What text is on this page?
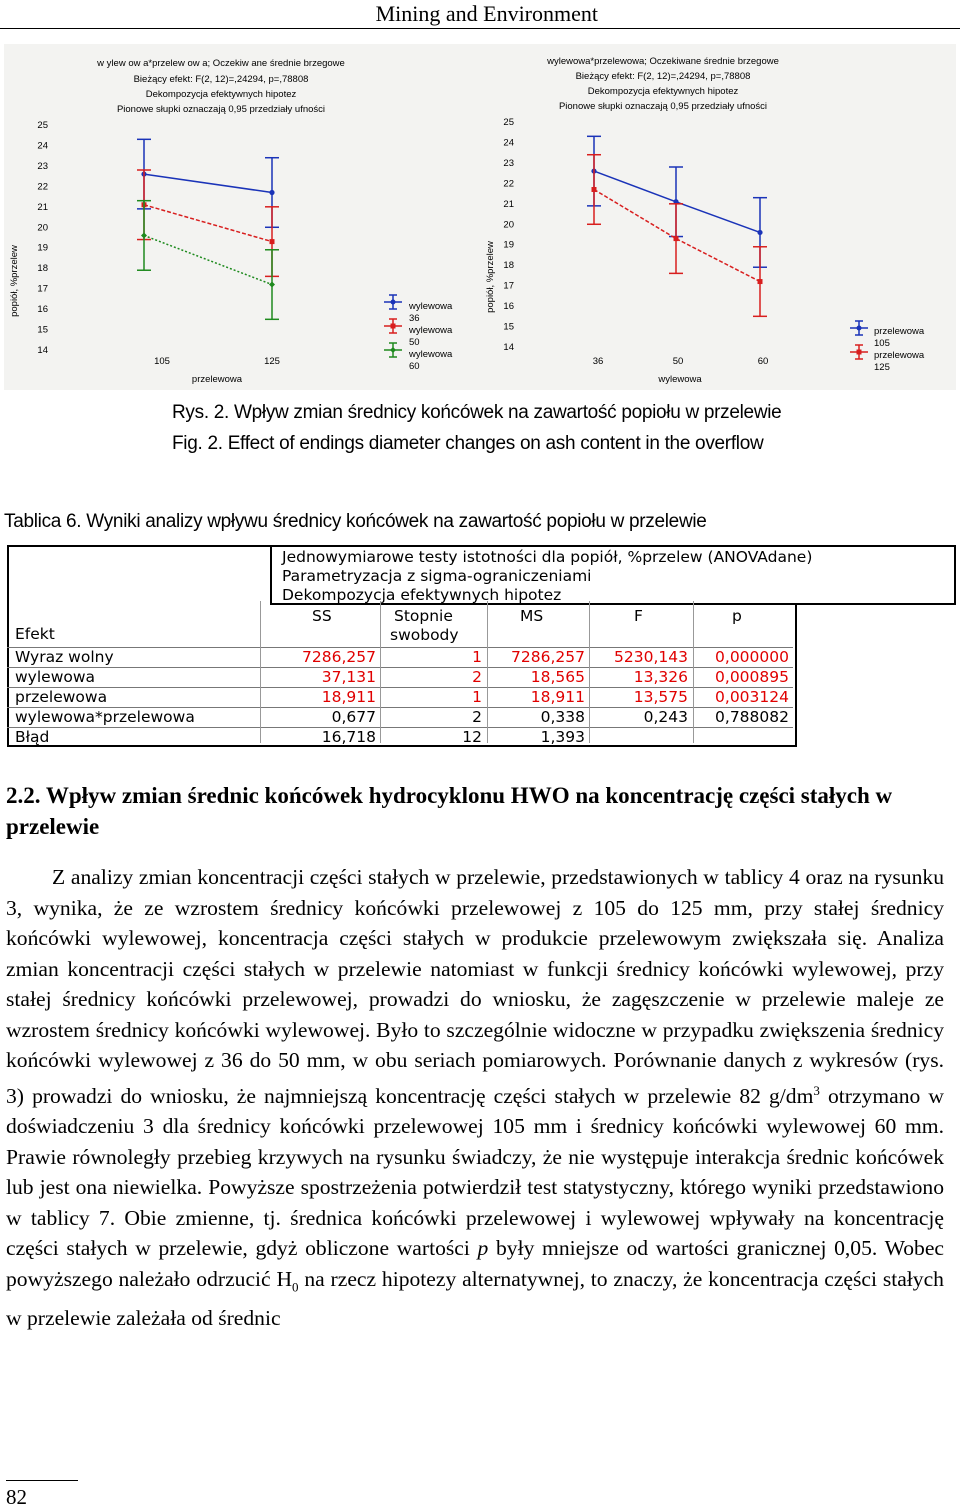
Mining and Environment
w ylew ow a*przelew ow a; Oczekiw ane średnie brzegowe
Bieżący efekt: F(2, 12)=,24294, p=,78808
Dekompozycja efektywnych hipotez
Pionowe słupki oznaczają 0,95 przedziały ufności
popiół, %przelew
25
24
23
22
21
20
19
18
17
16
15
14
105	125
przelewowa
wylewowa
36
wylewowa
50
wylewowa
60
wylewowa*przelewowa; Oczekiwane średnie brzegowe
Bieżący efekt: F(2, 12)=,24294, p=,78808
Dekompozycja efektywnych hipotez
Pionowe słupki oznaczają 0,95 przedziały ufności
popiół, %przelew
25
24
23
22
21
20
19
18
17
16
15
14
36	50	60
wylewowa
przelewowa
105
przelewowa
125
Rys. 2. Wpływ zmian średnicy końcówek na zawartość popiołu w przelewie
Fig. 2. Effect of endings diameter changes on ash content in the overflow
Tablica 6. Wyniki analizy wpływu średnicy końcówek na zawartość popiołu w przelewie
Jednowymiarowe testy istotności dla popiół, %przelew (ANOVAdane)
Parametryzacja z sigma-ograniczeniami
Dekompozycja efektywnych hipotez
Efekt
SS	Stopnie
swobody
MS	F	p
Wyraz wolny	7286,257	1 7286,257 5230,143 0,000000
wylewowa	37,131	2	18,565	13,326 0,000895
przelewowa	18,911	1	18,911	13,575 0,003124
wylewowa*przelewowa	0,677	2	0,338	0,243 0,788082
Błąd	16,718	12	1,393
2.2. Wpływ zmian średnic końcówek hydrocyklonu HWO na koncentrację części stałych w przelewie

Z analizy zmian koncentracji części stałych w przelewie, przedstawionych w tablicy 4 oraz na rysunku 3, wynika, że ze wzrostem średnicy końcówki przelewowej z 105 do 125 mm, przy stałej średnicy końcówki wylewowej, koncentracja części stałych w produkcie przelewowym zwiększała się. Analiza zmian koncentracji części stałych w przelewie natomiast w funkcji średnicy końcówki wylewowej, przy stałej średnicy końcówki przelewowej, prowadzi do wniosku, że zagęszczenie w przelewie maleje ze wzrostem średnicy końcówki wylewowej. Było to szczególnie widoczne w przypadku zwiększenia średnicy końcówki wylewowej z 36 do 50 mm, w obu seriach pomiarowych. Porównanie danych z wykresów (rys. 3) prowadzi do wniosku, że najmniejszą koncentrację części stałych w przelewie 82 $g/dm^3$ otrzymano w doświadczeniu 3 dla średnicy końcówki przelewowej 105 mm i średnicy końcówki wylewowej 60 mm. Prawie równoległy przebieg krzywych na rysunku świadczy, że nie występuje interakcja średnic końcówek lub jest ona niewielka. Powyższe spostrzeżenia potwierdził test statystyczny, którego wyniki przedstawiono w tablicy 7. Obie zmienne, tj. średnica końcówki przelewowej i wylewowej wpływały na koncentrację części stałych w przelewie, gdyż obliczone wartości p były mniejsze od wartości granicznej 0,05. Wobec powyższego należało odrzucić $H_0$ na rzecz hipotezy alternatywnej, to znaczy, że koncentracja części stałych w przelewie zależała od średnic

82
